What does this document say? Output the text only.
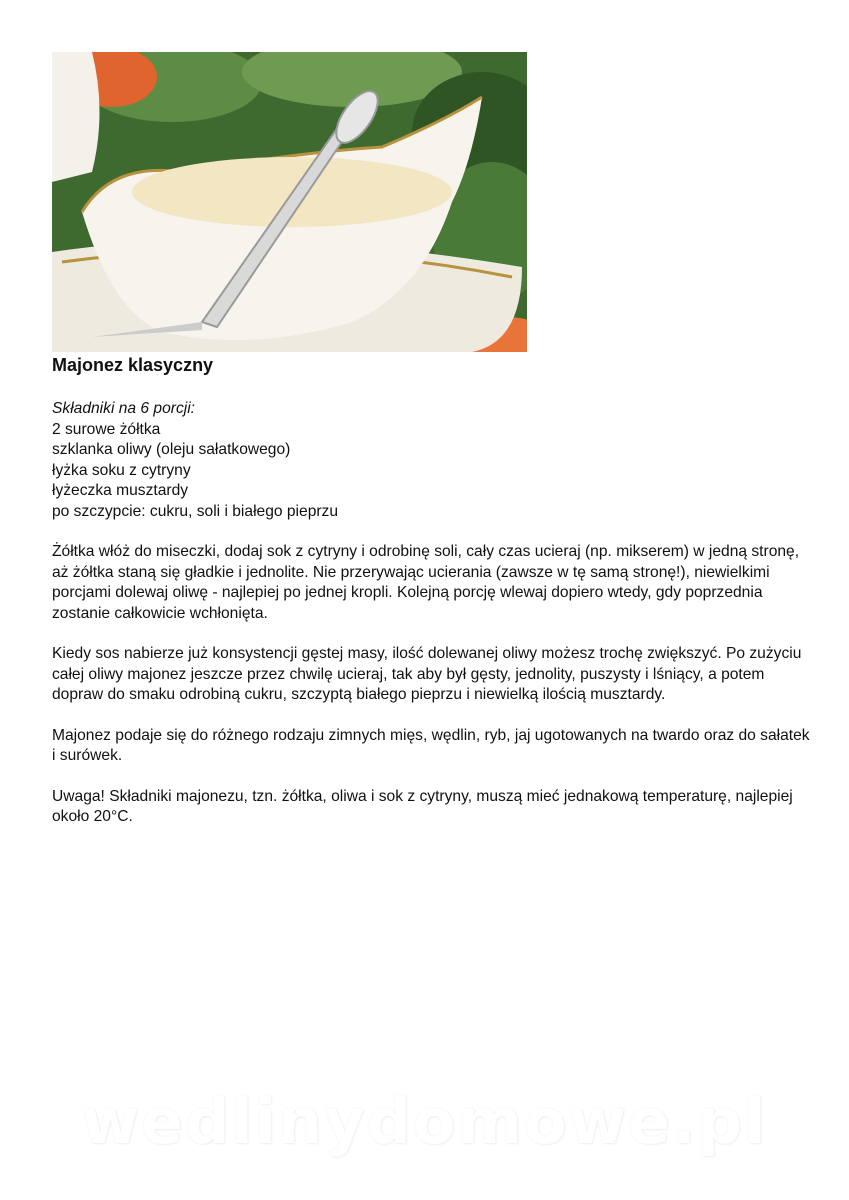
Majonez klasyczny
Składniki na 6 porcji:
2 surowe żółtka
szklanka oliwy (oleju sałatkowego)
łyżka soku z cytryny
łyżeczka musztardy
po szczypcie: cukru, soli i białego pieprzu

Żółtka włóż do miseczki, dodaj sok z cytryny i odrobinę soli, cały czas ucieraj (np. mikserem) w jedną stronę, aż żółtka staną się gładkie i jednolite. Nie przerywając ucierania (zawsze w tę samą stronę!), niewielkimi porcjami dolewaj oliwę - najlepiej po jednej kropli. Kolejną porcję wlewaj dopiero wtedy, gdy poprzednia zostanie całkowicie wchłonięta.

Kiedy sos nabierze już konsystencji gęstej masy, ilość dolewanej oliwy możesz trochę zwiększyć. Po zużyciu całej oliwy majonez jeszcze przez chwilę ucieraj, tak aby był gęsty, jednolity, puszysty i lśniący, a potem dopraw do smaku odrobiną cukru, szczyptą białego pieprzu i niewielką ilością musztardy.

Majonez podaje się do różnego rodzaju zimnych mięs, wędlin, ryb, jaj ugotowanych na twardo oraz do sałatek i surówek.

Uwaga! Składniki majonezu, tzn. żółtka, oliwa i sok z cytryny, muszą mieć jednakową temperaturę, najlepiej około 20°C.

wedlinydomowe.pl
